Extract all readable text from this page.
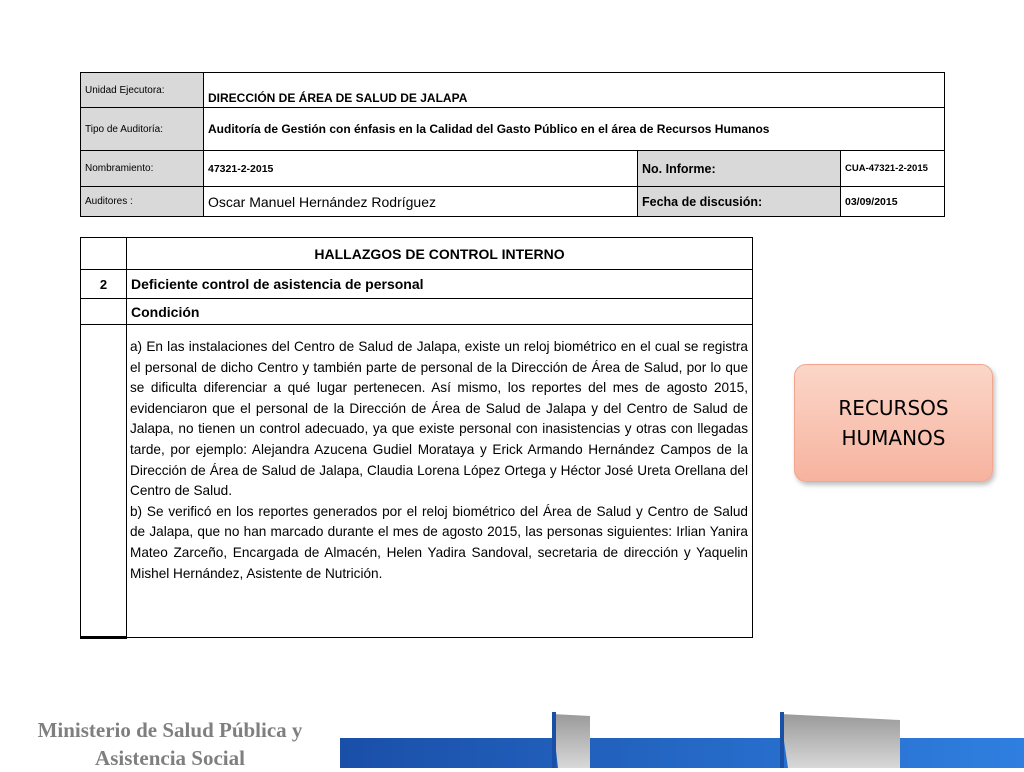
Unidad Ejecutora:	DIRECCIÓN DE ÁREA DE SALUD DE JALAPA		
Tipo de Auditoría:	Auditoría de Gestión con énfasis en la Calidad del Gasto Público en el área de Recursos Humanos		
Nombramiento:	47321-2-2015	No. Informe:	CUA-47321-2-2015
Auditores :	Oscar Manuel Hernández Rodríguez	Fecha de discusión:	03/09/2015
	HALLAZGOS DE CONTROL INTERNO
2	Deficiente control de asistencia de personal
	Condición

	a) En las instalaciones del Centro de Salud de Jalapa, existe un reloj biométrico en el cual se registra el personal de dicho Centro y también parte de personal de la Dirección de Área de Salud, por lo que se dificulta diferenciar a qué lugar pertenecen. Así mismo, los reportes del mes de agosto 2015, evidenciaron que el personal de la Dirección de Área de Salud de Jalapa y del Centro de Salud de Jalapa, no tienen un control adecuado, ya que existe personal con inasistencias y otras con llegadas tarde, por ejemplo: Alejandra Azucena Gudiel Morataya y Erick Armando Hernández Campos de la Dirección de Área de Salud de Jalapa, Claudia Lorena López Ortega y Héctor José Ureta Orellana del Centro de Salud.

b) Se verificó en los reportes generados por el reloj biométrico del Área de Salud y Centro de Salud de Jalapa, que no han marcado durante el mes de agosto 2015, las personas siguientes: Irlian Yanira Mateo Zarceño, Encargada de Almacén, Helen Yadira Sandoval, secretaria de dirección y Yaquelin Mishel Hernández, Asistente de Nutrición.

RECURSOS
HUMANOS
Ministerio de Salud Pública y
Asistencia Social
